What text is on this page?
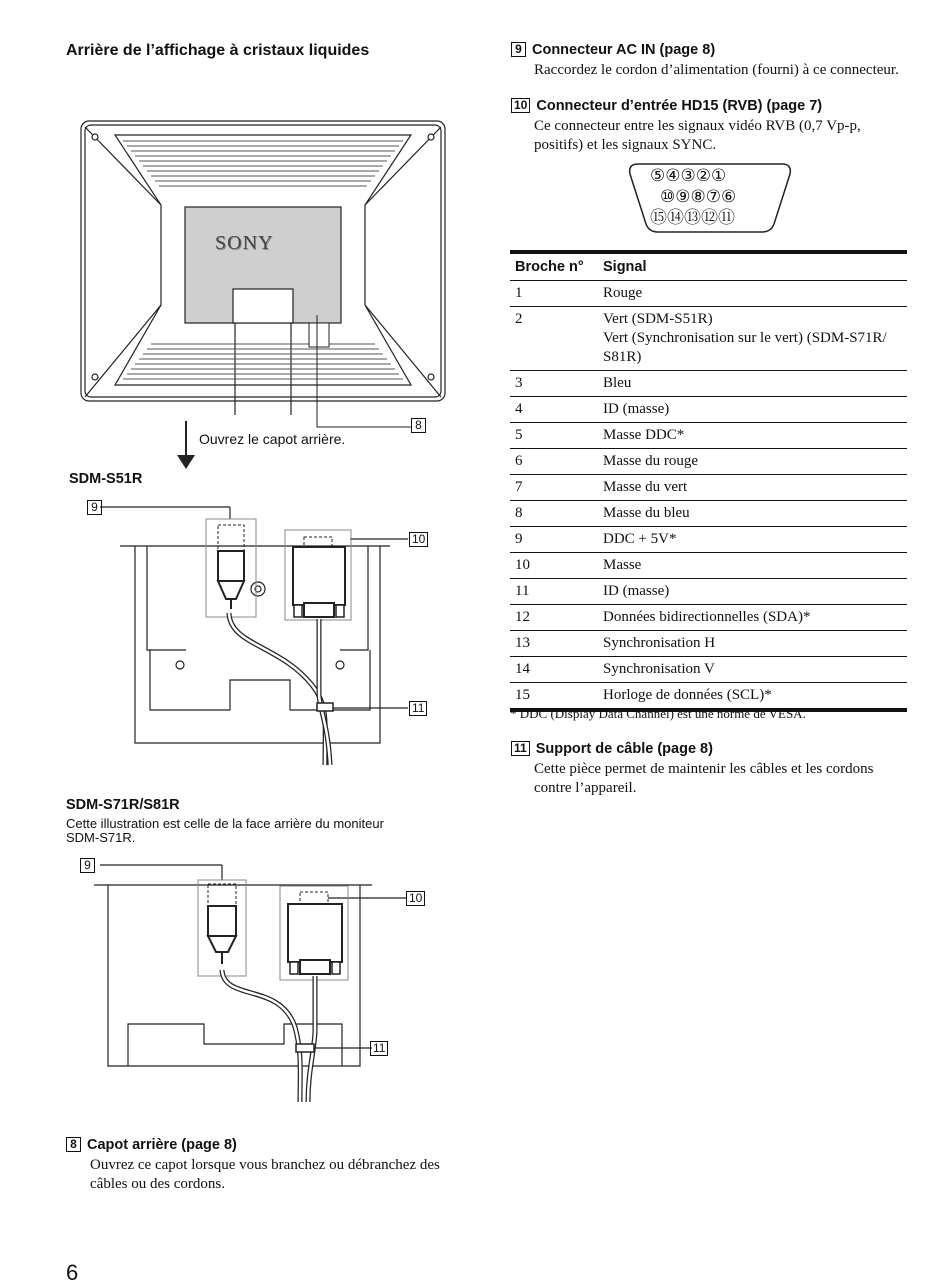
Arrière de l’affichage à cristaux liquides
SONY
8
Ouvrez le capot arrière.
SDM-S51R
9
10
11
SDM-S71R/S81R
Cette illustration est celle de la face arrière du moniteur
SDM-S71R.
9
10
11
8 Capot arrière (page 8)
Ouvrez ce capot lorsque vous branchez ou débranchez des
câbles ou des cordons.
6
9 Connecteur AC IN (page 8)
Raccordez le cordon d’alimentation (fourni) à ce connecteur.
10 Connecteur d’entrée HD15 (RVB) (page 7)
Ce connecteur entre les signaux vidéo RVB (0,7 Vp-p,
positifs) et les signaux SYNC.
⑤④③②①
⑩⑨⑧⑦⑥
⑮⑭⑬⑫⑪
Broche n°	Signal
1	Rouge
2	Vert (SDM-S51R)
Vert (Synchronisation sur le vert) (SDM-S71R/
S81R)
3	Bleu
4	ID (masse)
5	Masse DDC*
6	Masse du rouge
7	Masse du vert
8	Masse du bleu
9	DDC + 5V*
10	Masse
11	ID (masse)
12	Données bidirectionnelles (SDA)*
13	Synchronisation H
14	Synchronisation V
15	Horloge de données (SCL)*
* DDC (Display Data Channel) est une norme de VESA.
11 Support de câble (page 8)
Cette pièce permet de maintenir les câbles et les cordons
contre l’appareil.
